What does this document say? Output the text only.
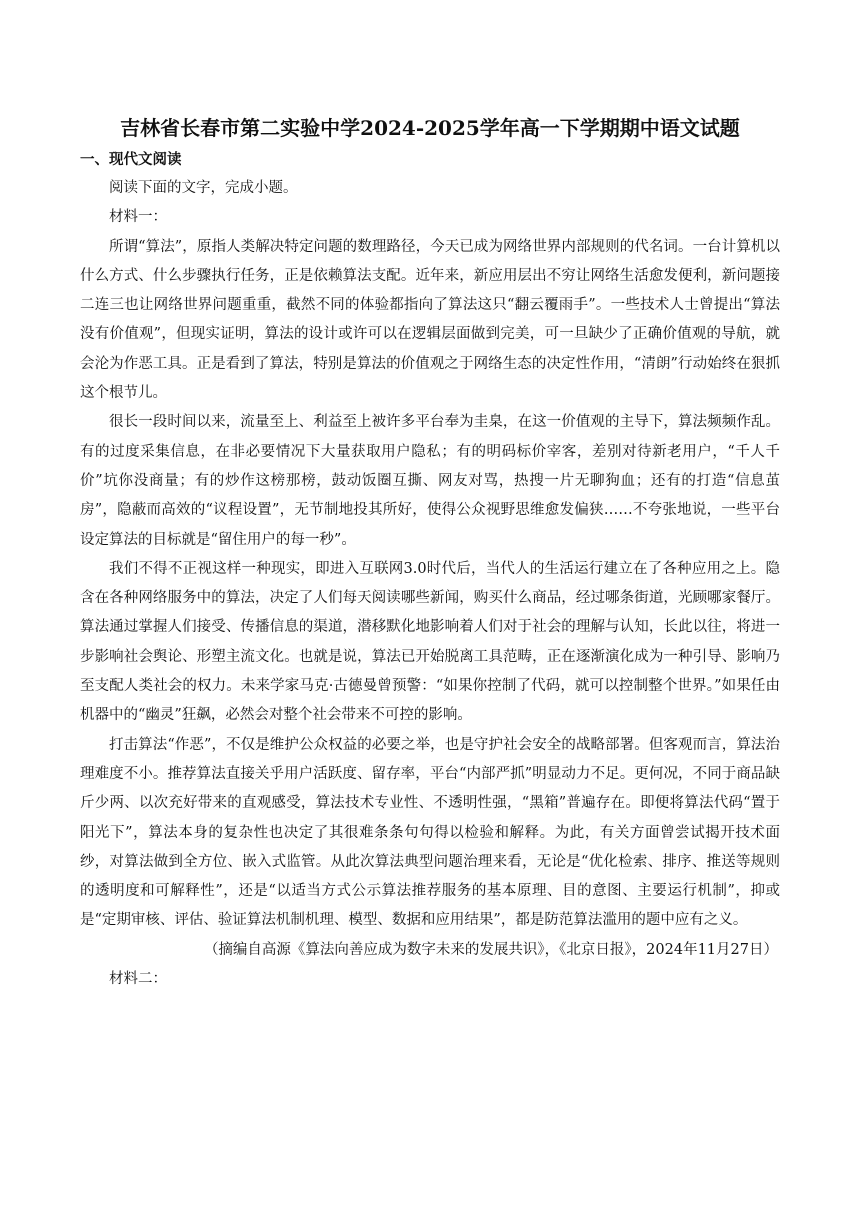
吉林省长春市第二实验中学2024-2025学年高一下学期期中语文试题
一、现代文阅读

阅读下面的文字，完成小题。

材料一：

所谓“算法”，原指人类解决特定问题的数理路径，今天已成为网络世界内部规则的代名词。一台计算机以什么方式、什么步骤执行任务，正是依赖算法支配。近年来，新应用层出不穷让网络生活愈发便利，新问题接二连三也让网络世界问题重重，截然不同的体验都指向了算法这只“翻云覆雨手”。一些技术人士曾提出“算法没有价值观”，但现实证明，算法的设计或许可以在逻辑层面做到完美，可一旦缺少了正确价值观的导航，就会沦为作恶工具。正是看到了算法，特别是算法的价值观之于网络生态的决定性作用，“清朗”行动始终在狠抓这个根节儿。

很长一段时间以来，流量至上、利益至上被许多平台奉为圭臬，在这一价值观的主导下，算法频频作乱。有的过度采集信息，在非必要情况下大量获取用户隐私；有的明码标价宰客，差别对待新老用户，“千人千价”坑你没商量；有的炒作这榜那榜，鼓动饭圈互撕、网友对骂，热搜一片无聊狗血；还有的打造“信息茧房”，隐蔽而高效的“议程设置”，无节制地投其所好，使得公众视野思维愈发偏狭……不夸张地说，一些平台设定算法的目标就是“留住用户的每一秒”。

我们不得不正视这样一种现实，即进入互联网3.0时代后，当代人的生活运行建立在了各种应用之上。隐含在各种网络服务中的算法，决定了人们每天阅读哪些新闻，购买什么商品，经过哪条街道，光顾哪家餐厅。算法通过掌握人们接受、传播信息的渠道，潜移默化地影响着人们对于社会的理解与认知，长此以往，将进一步影响社会舆论、形塑主流文化。也就是说，算法已开始脱离工具范畴，正在逐渐演化成为一种引导、影响乃至支配人类社会的权力。未来学家马克·古德曼曾预警：“如果你控制了代码，就可以控制整个世界。”如果任由机器中的“幽灵”狂飙，必然会对整个社会带来不可控的影响。

打击算法“作恶”，不仅是维护公众权益的必要之举，也是守护社会安全的战略部署。但客观而言，算法治理难度不小。推荐算法直接关乎用户活跃度、留存率，平台“内部严抓”明显动力不足。更何况，不同于商品缺斤少两、以次充好带来的直观感受，算法技术专业性、不透明性强，“黑箱”普遍存在。即便将算法代码“置于阳光下”，算法本身的复杂性也决定了其很难条条句句得以检验和解释。为此，有关方面曾尝试揭开技术面纱，对算法做到全方位、嵌入式监管。从此次算法典型问题治理来看，无论是“优化检索、排序、推送等规则的透明度和可解释性”，还是“以适当方式公示算法推荐服务的基本原理、目的意图、主要运行机制”，抑或是“定期审核、评估、验证算法机制机理、模型、数据和应用结果”，都是防范算法滥用的题中应有之义。

（摘编自高源《算法向善应成为数字未来的发展共识》，《北京日报》，2024年11月27日）

材料二：
